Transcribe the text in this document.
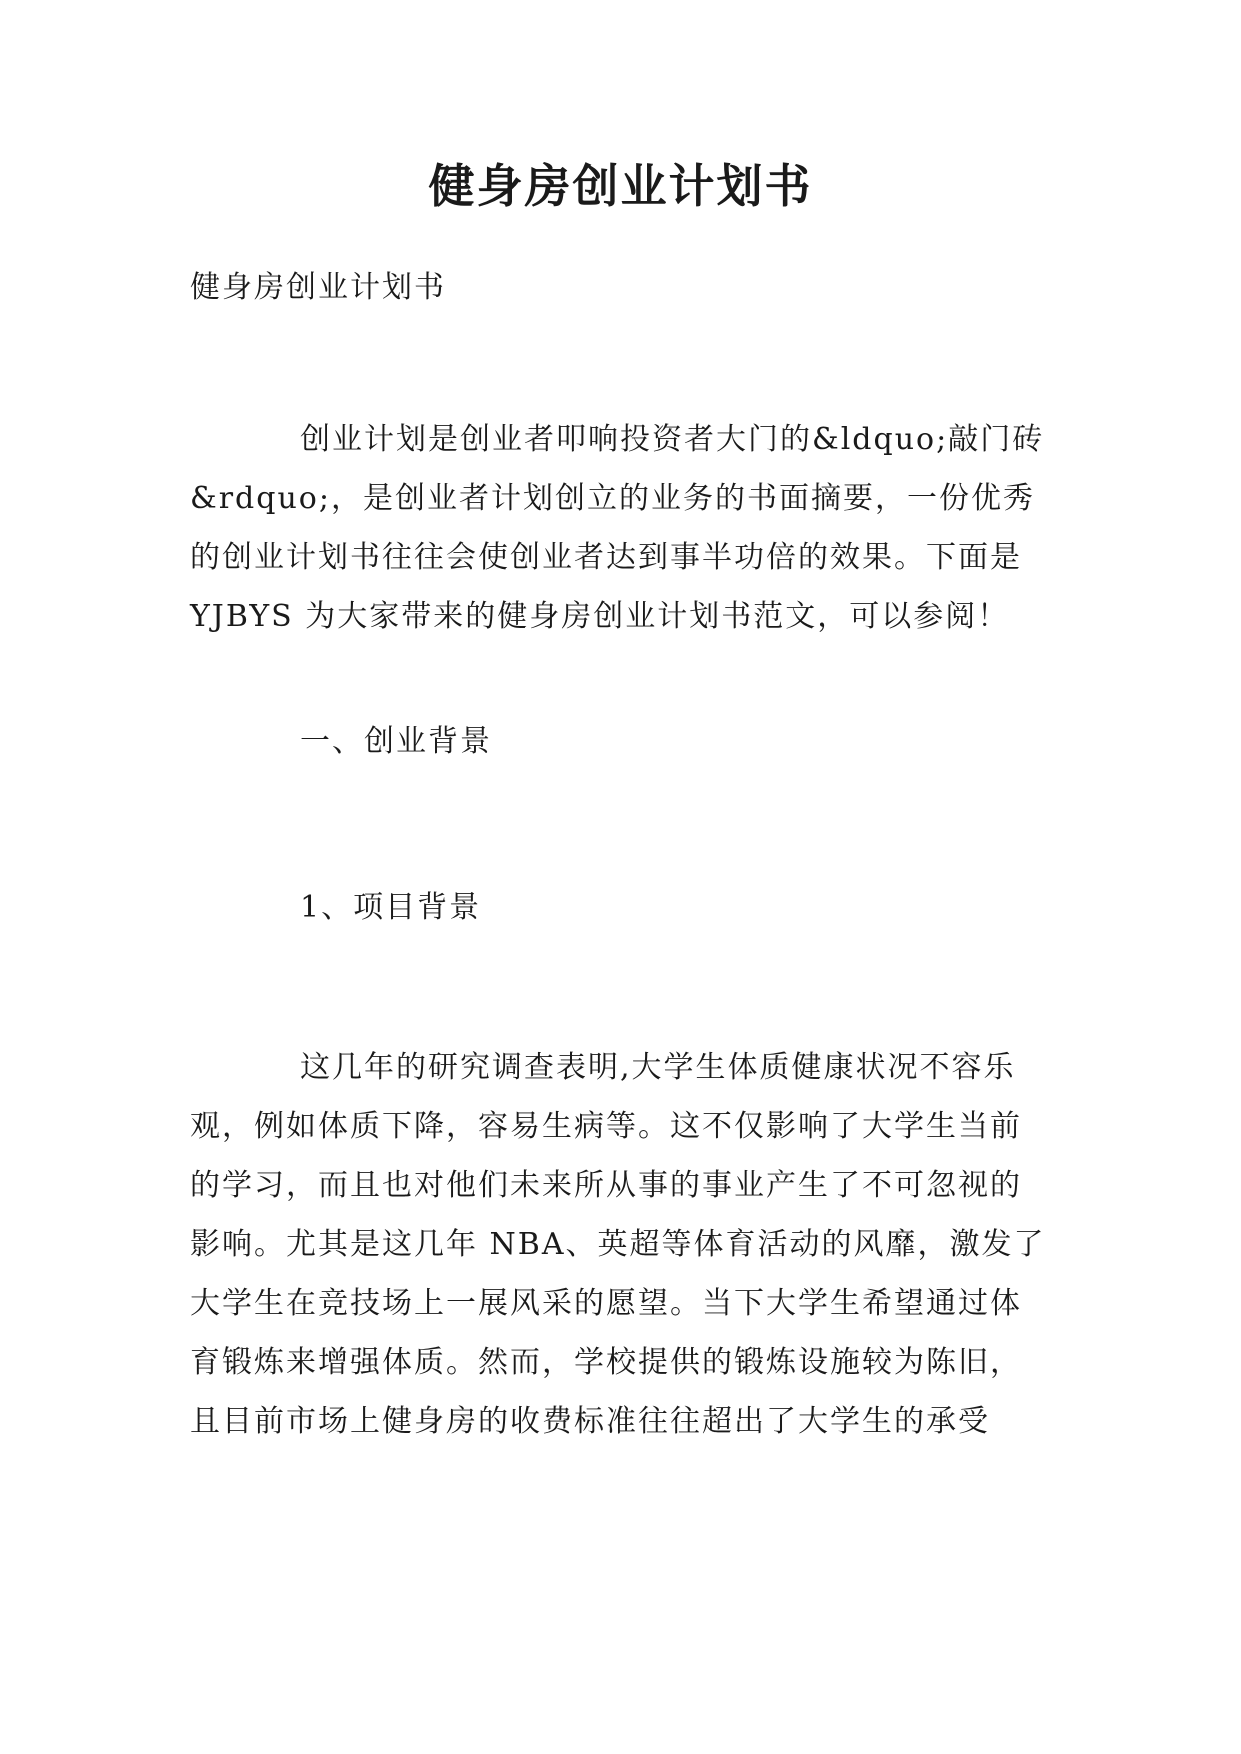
健身房创业计划书

健身房创业计划书

创业计划是创业者叩响投资者大门的&ldquo;敲门砖
&rdquo;，是创业者计划创立的业务的书面摘要，一份优秀
的创业计划书往往会使创业者达到事半功倍的效果。下面是
YJBYS 为大家带来的健身房创业计划书范文，可以参阅！

一、创业背景

1、项目背景

这几年的研究调查表明,大学生体质健康状况不容乐
观，例如体质下降，容易生病等。这不仅影响了大学生当前
的学习，而且也对他们未来所从事的事业产生了不可忽视的
影响。尤其是这几年 NBA、英超等体育活动的风靡，激发了
大学生在竞技场上一展风采的愿望。当下大学生希望通过体
育锻炼来增强体质。然而，学校提供的锻炼设施较为陈旧，
且目前市场上健身房的收费标准往往超出了大学生的承受
